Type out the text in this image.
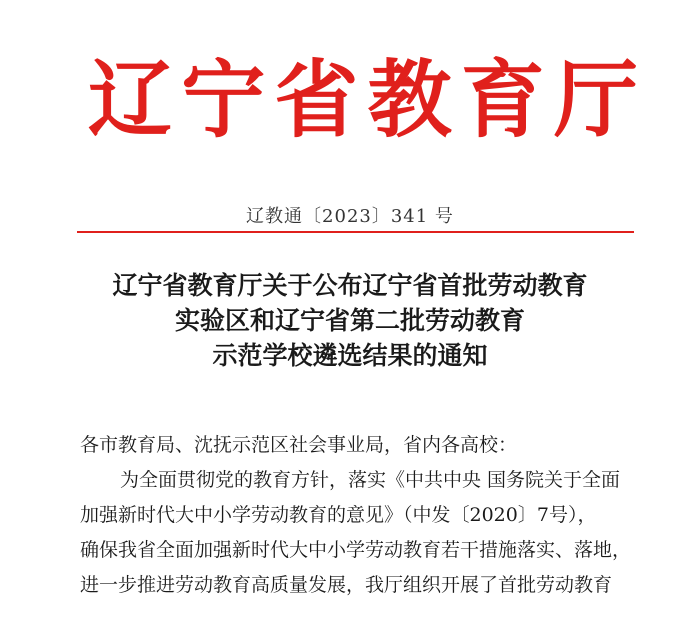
辽 宁 省 教 育 厅
辽教通〔2023〕341 号
辽宁省教育厅关于公布辽宁省首批劳动教育
实验区和辽宁省第二批劳动教育
示范学校遴选结果的通知
各市教育局、沈抚示范区社会事业局，省内各高校：
为全面贯彻党的教育方针，落实《中共中央 国务院关于全面
加强新时代大中小学劳动教育的意见》（中发〔2020〕7号），
确保我省全面加强新时代大中小学劳动教育若干措施落实、落地，
进一步推进劳动教育高质量发展，我厅组织开展了首批劳动教育
